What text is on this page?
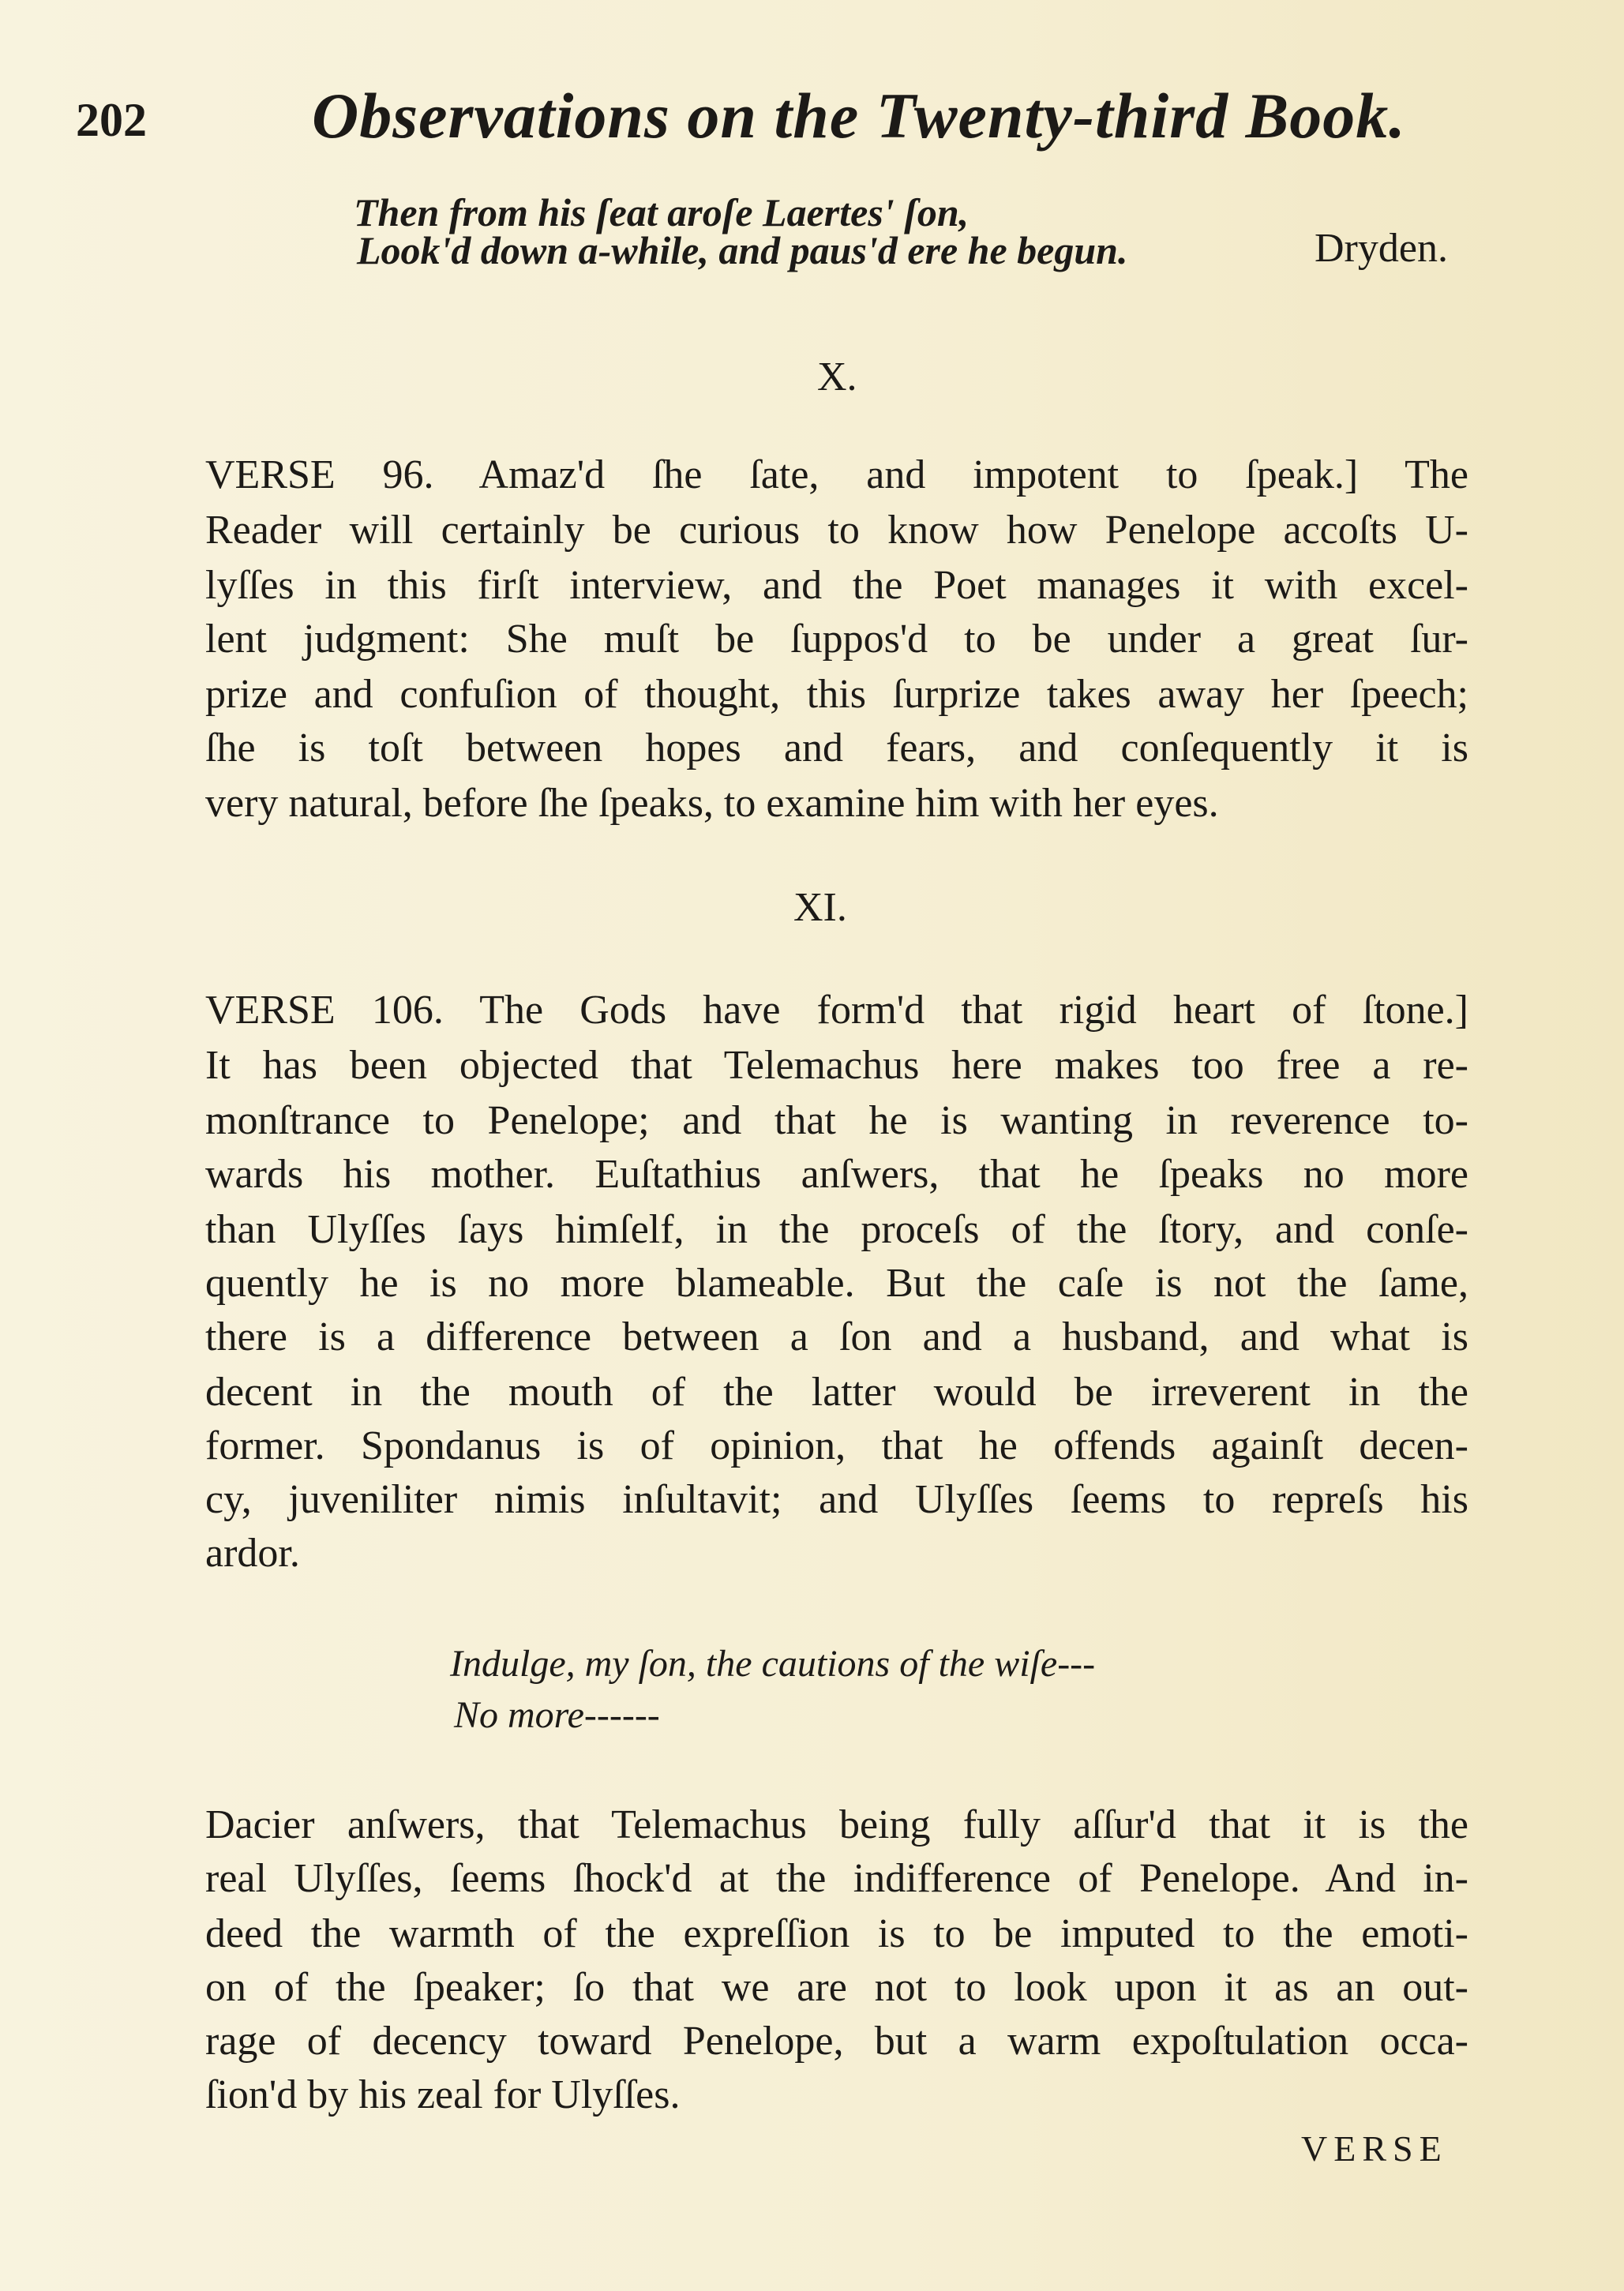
202	Observations on the Twenty-third Book.
Then from his ſeat aroſe Laertes' ſon,
Look'd down a-while, and paus'd ere he begun.	Dryden.
X.
VERSE 96. Amaz'd ſhe ſate, and impotent to ſpeak.] The
Reader will certainly be curious to know how Penelope accoſts U-
lyſſes in this firſt interview, and the Poet manages it with excel-
lent judgment: She muſt be ſuppos'd to be under a great ſur-
prize and confuſion of thought, this ſurprize takes away her ſpeech;
ſhe is toſt between hopes and fears, and conſequently it is
very natural, before ſhe ſpeaks, to examine him with her eyes.
XI.
VERSE 106. The Gods have form'd that rigid heart of ſtone.]
It has been objected that Telemachus here makes too free a re-
monſtrance to Penelope; and that he is wanting in reverence to-
wards his mother. Euſtathius anſwers, that he ſpeaks no more
than Ulyſſes ſays himſelf, in the proceſs of the ſtory, and conſe-
quently he is no more blameable. But the caſe is not the ſame,
there is a difference between a ſon and a husband, and what is
decent in the mouth of the latter would be irreverent in the
former. Spondanus is of opinion, that he offends againſt decen-
cy, juveniliter nimis inſultavit; and Ulyſſes ſeems to repreſs his
ardor.
Indulge, my ſon, the cautions of the wiſe---
No more------
Dacier anſwers, that Telemachus being fully aſſur'd that it is the
real Ulyſſes, ſeems ſhock'd at the indifference of Penelope. And in-
deed the warmth of the expreſſion is to be imputed to the emoti-
on of the ſpeaker; ſo that we are not to look upon it as an out-
rage of decency toward Penelope, but a warm expoſtulation occa-
ſion'd by his zeal for Ulyſſes.
VERSE
